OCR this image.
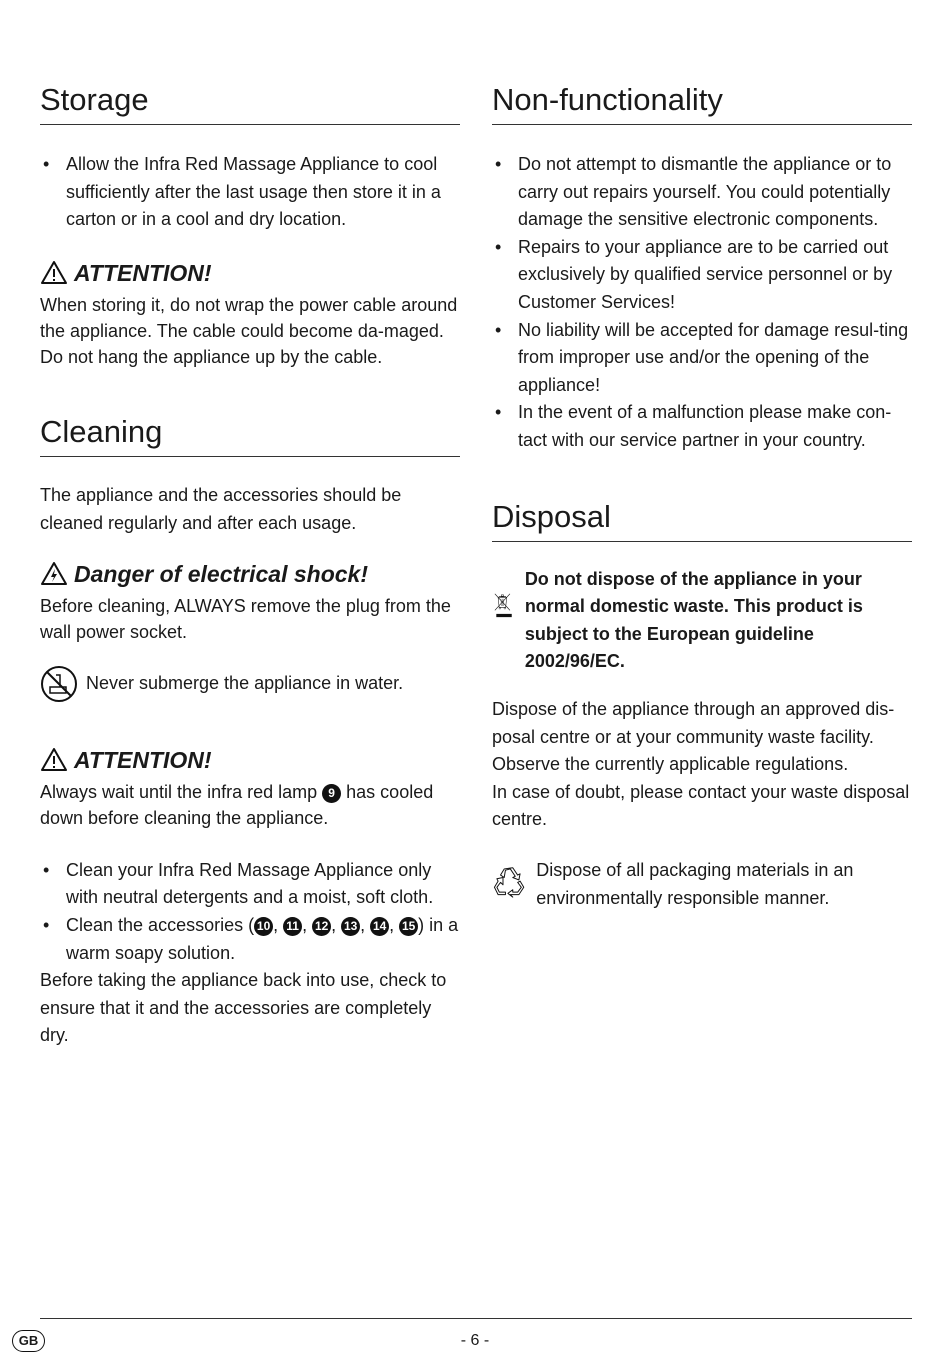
Storage
• Allow the Infra Red Massage Appliance to cool sufficiently after the last usage then store it in a carton or in a cool and dry location.
ATTENTION!

When storing it, do not wrap the power cable around the appliance. The cable could become da-maged. Do not hang the appliance up by the cable.

Cleaning

The appliance and the accessories should be cleaned regularly and after each usage.

Danger of electrical shock!

Before cleaning, ALWAYS remove the plug from the wall power socket.

Never submerge the appliance in water.
ATTENTION!

Always wait until the infra red lamp 9 has cooled down before cleaning the appliance.

• Clean your Infra Red Massage Appliance only with neutral detergents and a moist, soft cloth.
• Clean the accessories ( 10 , 11 , 12 , 13 , 14 , 15 ) in a warm soapy solution.

Before taking the appliance back into use, check to ensure that it and the accessories are completely dry.

Non-functionality
• Do not attempt to dismantle the appliance or to carry out repairs yourself. You could potentially damage the sensitive electronic components.
• Repairs to your appliance are to be carried out exclusively by qualified service personnel or by Customer Services!
• No liability will be accepted for damage resul-ting from improper use and/or the opening of the appliance!
• In the event of a malfunction please make con-tact with our service partner in your country.
Disposal

Do not dispose of the appliance in your normal domestic waste. This product is subject to the European guideline 2002/96/EC.

Dispose of the appliance through an approved dis-posal centre or at your community waste facility. Observe the currently applicable regulations.

In case of doubt, please contact your waste disposal centre.

Dispose of all packaging materials in an environmentally responsible manner.

GB	- 6 -
